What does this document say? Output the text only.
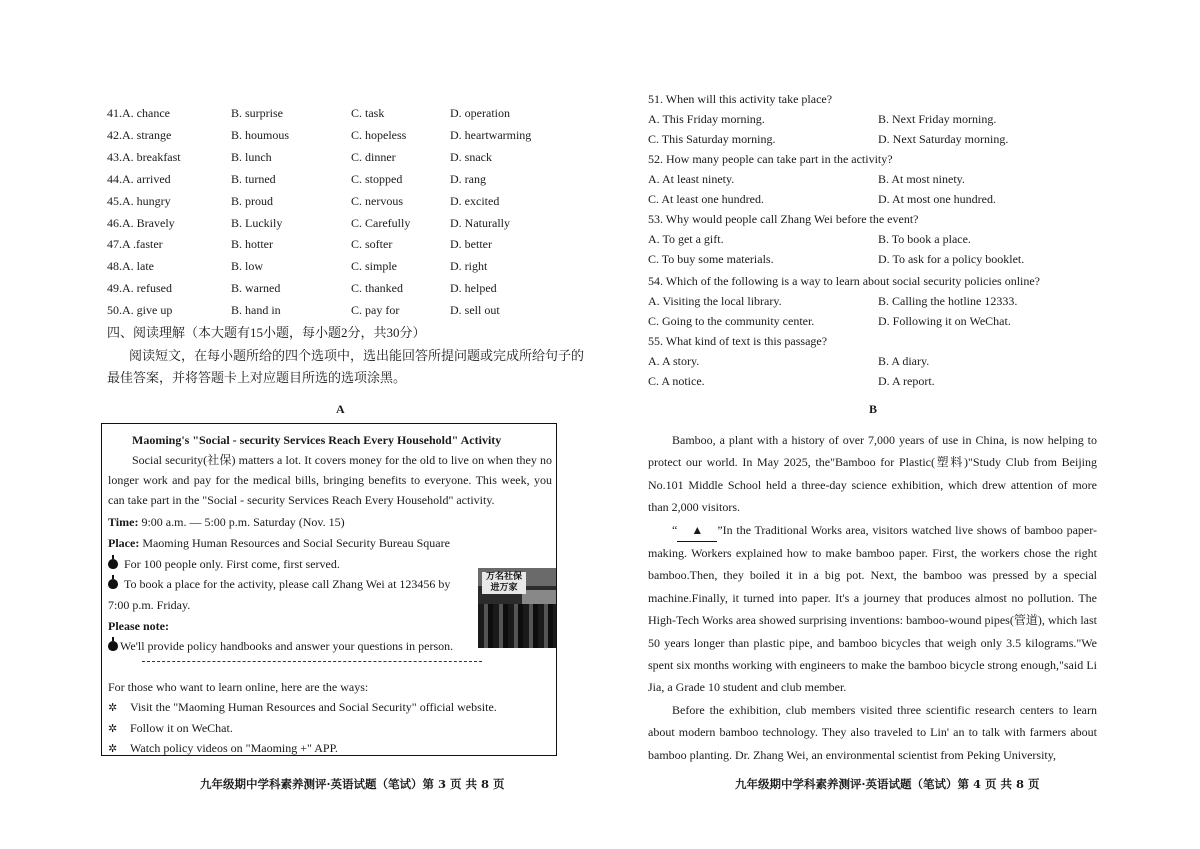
41.A. chance	B. surprise	C. task	D. operation
42.A. strange	B. houmous	C. hopeless	D. heartwarming
43.A. breakfast	B. lunch	C. dinner	D. snack
44.A. arrived	B. turned	C. stopped	D. rang
45.A. hungry	B. proud	C. nervous	D. excited
46.A. Bravely	B. Luckily	C. Carefully	D. Naturally
47.A .faster	B. hotter	C. softer	D. better
48.A. late	B. low	C. simple	D. right
49.A. refused	B. warned	C. thanked	D. helped
50.A. give up	B. hand in	C. pay for	D. sell out
四、阅读理解（本大题有15小题，每小题2分，共30分）
阅读短文，在每小题所给的四个选项中，选出能回答所提问题或完成所给句子的最佳答案，并将答题卡上对应题目所选的选项涂黑。
A
Maoming's "Social - security Services Reach Every Household" Activity
Social security(社保) matters a lot. It covers money for the old to live on when they no longer work and pay for the medical bills, bringing benefits to everyone. This week, you can take part in the "Social - security Services Reach Every Household" activity.
Time: 9:00 a.m. — 5:00 p.m. Saturday (Nov. 15)
Place: Maoming Human Resources and Social Security Bureau Square
For 100 people only. First come, first served.
To book a place for the activity, please call Zhang Wei at 123456 by
7:00 p.m. Friday.
Please note:
We'll provide policy handbooks and answer your questions in person.
For those who want to learn online, here are the ways:
✲ Visit the "Maoming Human Resources and Social Security" official website.
✲ Follow it on WeChat.
✲ Watch policy videos on "Maoming +" APP.
万名社保 进万家
九年级期中学科素养测评·英语试题（笔试）第 3 页 共 8 页	九年级期中学科素养测评·英语试题（笔试）第 4 页 共 8 页
51. When will this activity take place?
A. This Friday morning.	B. Next Friday morning.
C. This Saturday morning.	D. Next Saturday morning.
52. How many people can take part in the activity?
A. At least ninety.	B. At most ninety.
C. At least one hundred.	D. At most one hundred.
53. Why would people call Zhang Wei before the event?
A. To get a gift.	B. To book a place.
C. To buy some materials.	D. To ask for a policy booklet.
54. Which of the following is a way to learn about social security policies online?
A. Visiting the local library.	B. Calling the hotline 12333.
C. Going to the community center.	D. Following it on WeChat.
55. What kind of text is this passage?
A. A story.	B. A diary.
C. A notice.	D. A report.
B

Bamboo, a plant with a history of over 7,000 years of use in China, is now helping to protect our world. In May 2025, the"Bamboo for Plastic(塑料)"Study Club from Beijing No.101 Middle School held a three-day science exhibition, which drew attention of more than 2,000 visitors.

“ ▲ ”In the Traditional Works area, visitors watched live shows of bamboo paper-making. Workers explained how to make bamboo paper. First, the workers chose the right bamboo.Then, they boiled it in a big pot. Next, the bamboo was pressed by a special machine.Finally, it turned into paper. It's a journey that produces almost no pollution. The High-Tech Works area showed surprising inventions: bamboo-wound pipes(管道), which last 50 years longer than plastic pipe, and bamboo bicycles that weigh only 3.5 kilograms."We spent six months working with engineers to make the bamboo bicycle strong enough,"said Li Jia, a Grade 10 student and club member.

Before the exhibition, club members visited three scientific research centers to learn about modern bamboo technology. They also traveled to Lin' an to talk with farmers about bamboo planting. Dr. Zhang Wei, an environmental scientist from Peking University,
